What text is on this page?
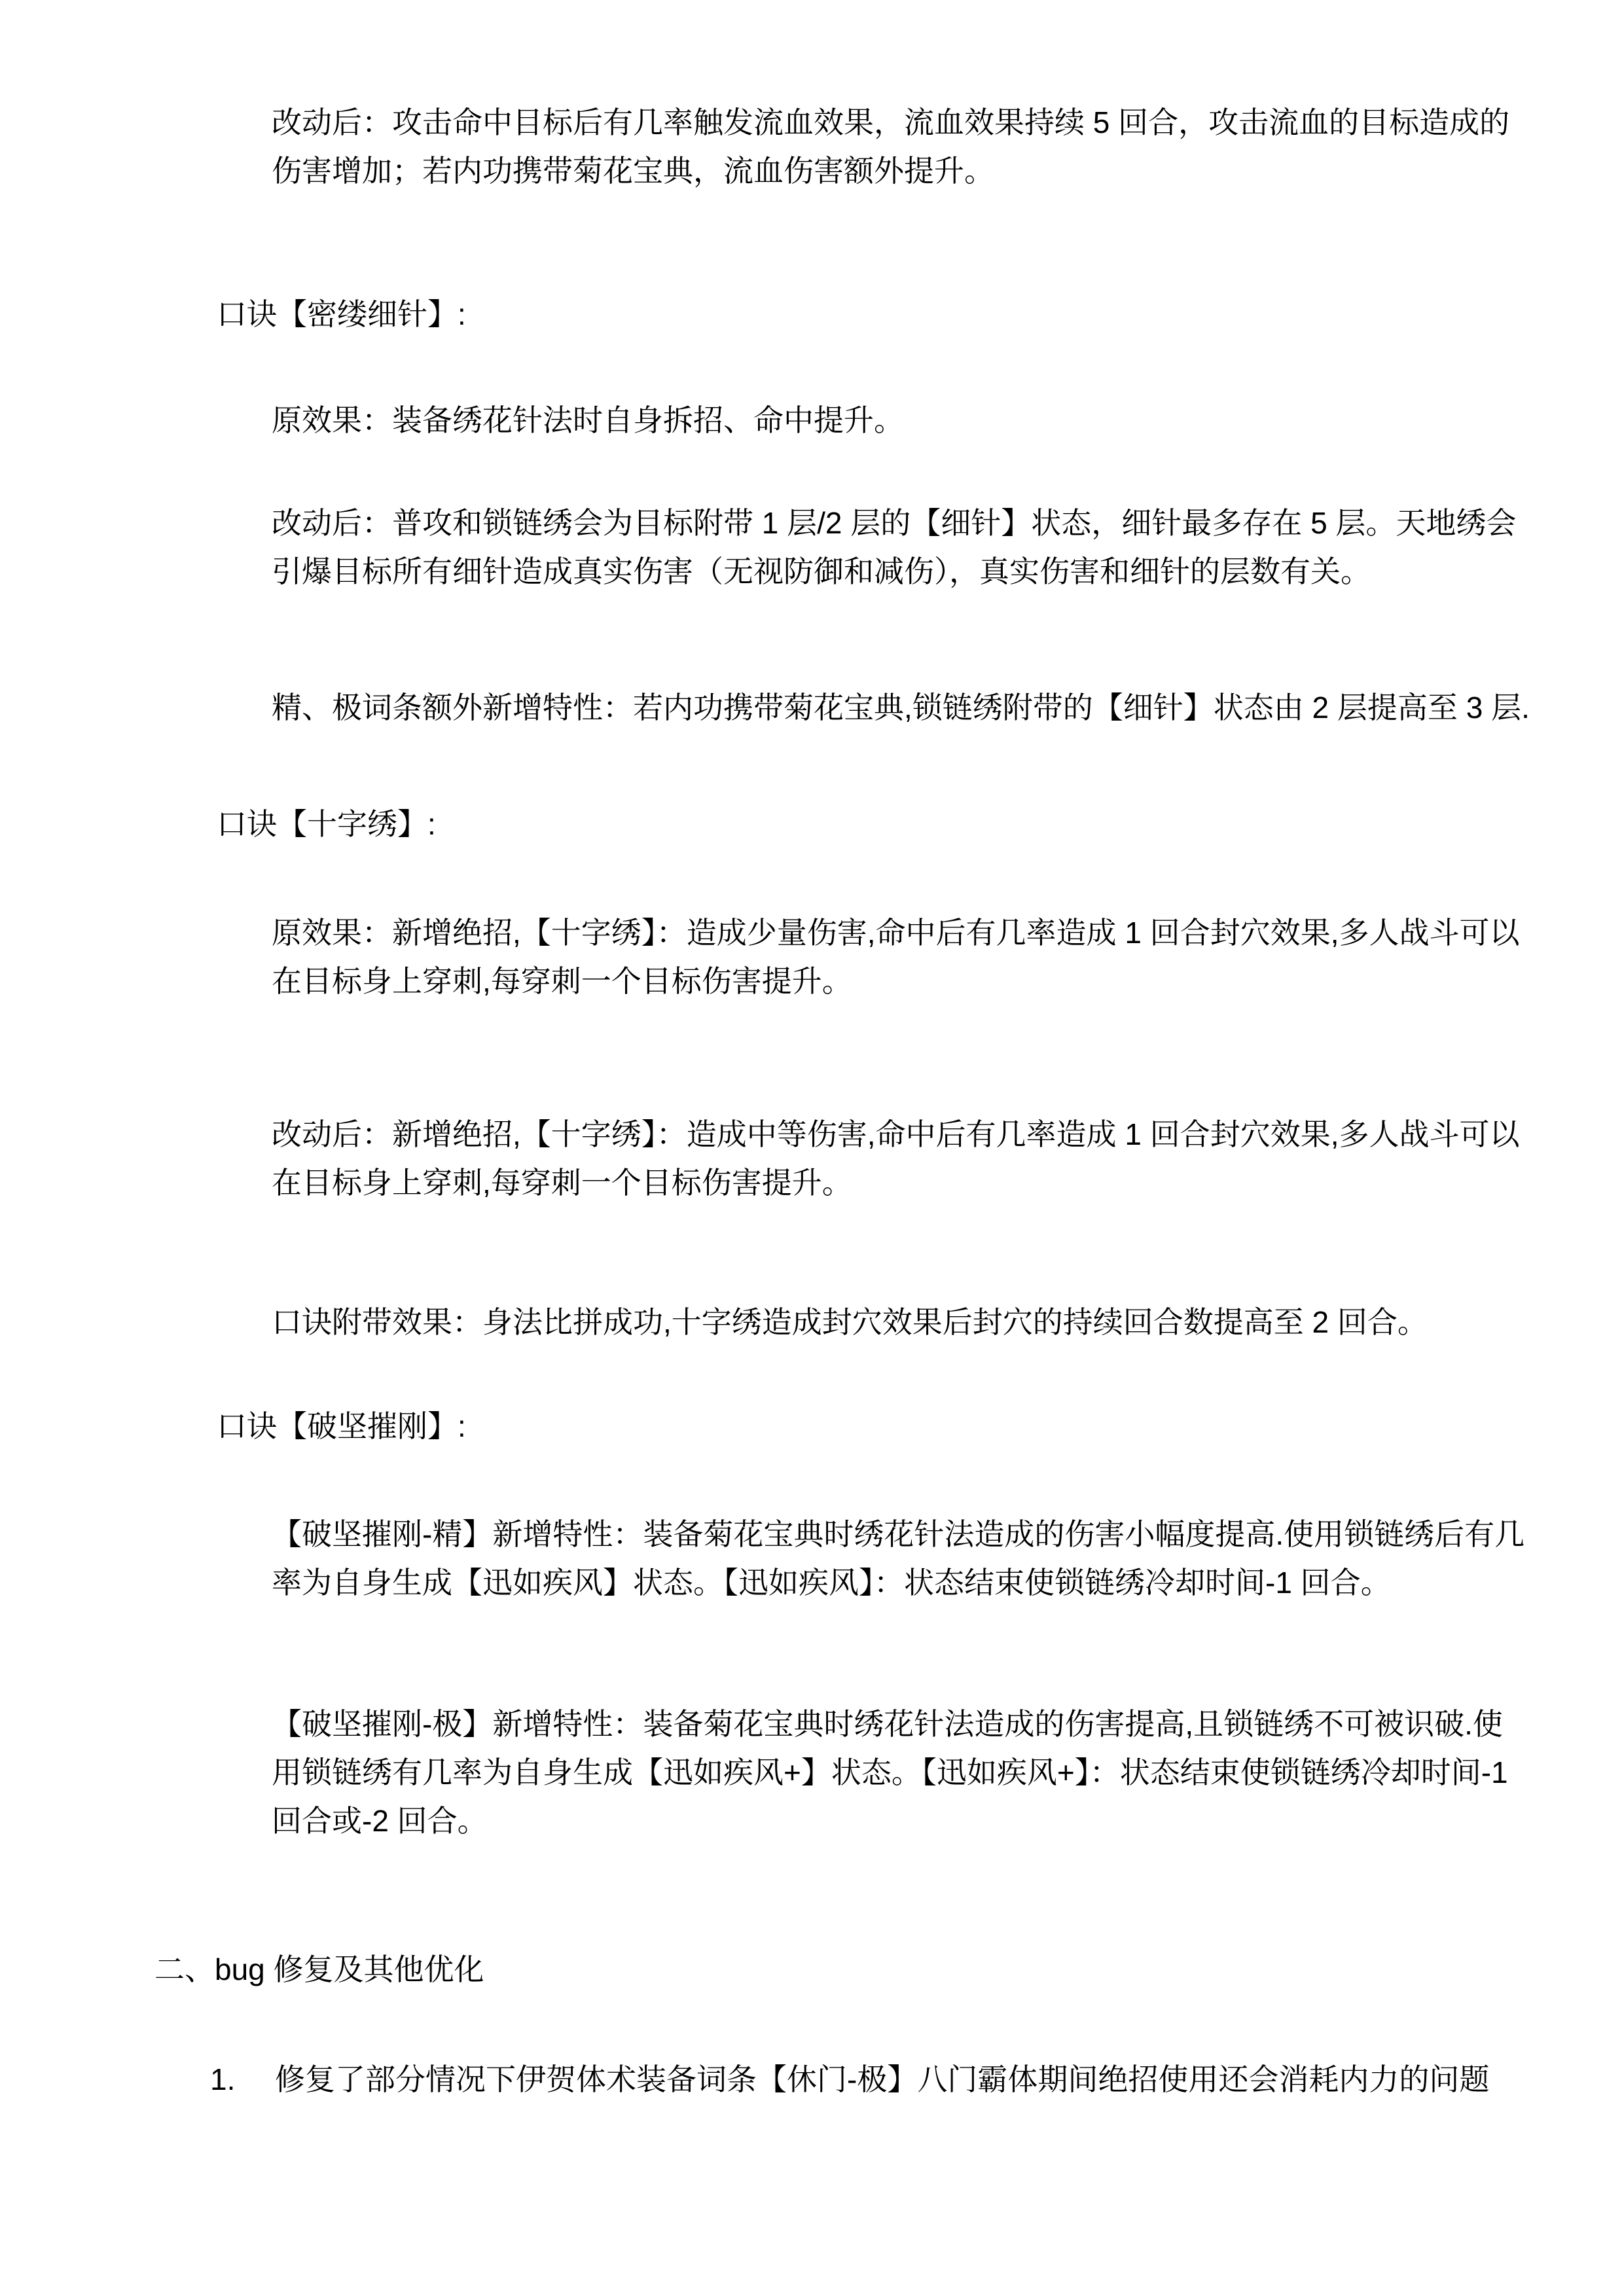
改动后：攻击命中目标后有几率触发流血效果，流血效果持续 5 回合，攻击流血的目标造成的
伤害增加；若内功携带菊花宝典，流血伤害额外提升。
口诀【密缕细针】:
原效果：装备绣花针法时自身拆招、命中提升。
改动后：普攻和锁链绣会为目标附带 1 层/2 层的【细针】状态，细针最多存在 5 层。天地绣会
引爆目标所有细针造成真实伤害（无视防御和减伤），真实伤害和细针的层数有关。
精、极词条额外新增特性：若内功携带菊花宝典,锁链绣附带的【细针】状态由 2 层提高至 3 层.
口诀【十字绣】:
原效果：新增绝招,【十字绣】：造成少量伤害,命中后有几率造成 1 回合封穴效果,多人战斗可以
在目标身上穿刺,每穿刺一个目标伤害提升。
改动后：新增绝招,【十字绣】：造成中等伤害,命中后有几率造成 1 回合封穴效果,多人战斗可以
在目标身上穿刺,每穿刺一个目标伤害提升。
口诀附带效果：身法比拼成功,十字绣造成封穴效果后封穴的持续回合数提高至 2 回合。
口诀【破坚摧刚】:
【破坚摧刚-精】新增特性：装备菊花宝典时绣花针法造成的伤害小幅度提高.使用锁链绣后有几
率为自身生成【迅如疾风】状态。【迅如疾风】：状态结束使锁链绣冷却时间-1 回合。
【破坚摧刚-极】新增特性：装备菊花宝典时绣花针法造成的伤害提高,且锁链绣不可被识破.使
用锁链绣有几率为自身生成【迅如疾风+】状态。【迅如疾风+】：状态结束使锁链绣冷却时间-1
回合或-2 回合。
二、bug 修复及其他优化
1.	修复了部分情况下伊贺体术装备词条【休门-极】八门霸体期间绝招使用还会消耗内力的问题
